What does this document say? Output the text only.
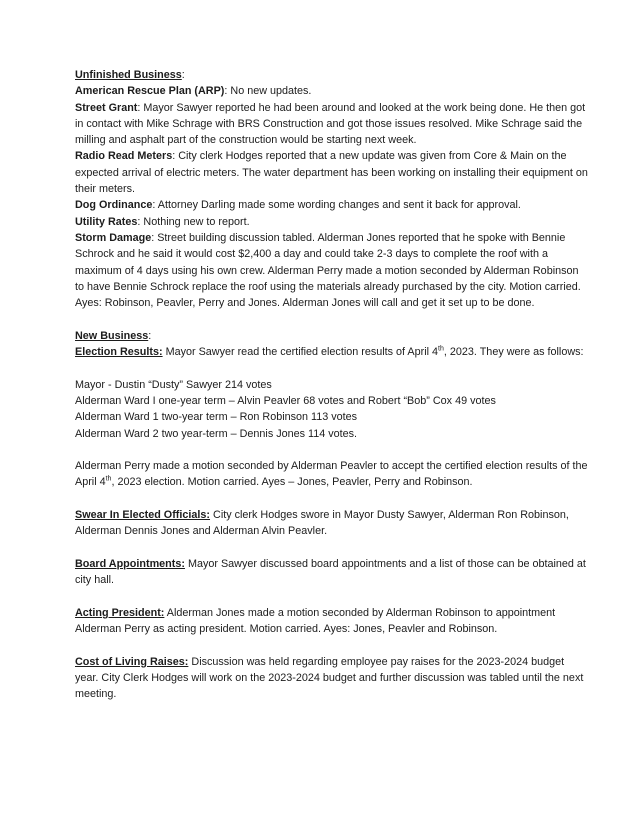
Unfinished Business:

American Rescue Plan (ARP): No new updates.

Street Grant: Mayor Sawyer reported he had been around and looked at the work being done. He then got in contact with Mike Schrage with BRS Construction and got those issues resolved. Mike Schrage said the milling and asphalt part of the construction would be starting next week.

Radio Read Meters: City clerk Hodges reported that a new update was given from Core & Main on the expected arrival of electric meters. The water department has been working on installing their equipment on their meters.

Dog Ordinance: Attorney Darling made some wording changes and sent it back for approval.

Utility Rates: Nothing new to report.

Storm Damage: Street building discussion tabled. Alderman Jones reported that he spoke with Bennie Schrock and he said it would cost $2,400 a day and could take 2-3 days to complete the roof with a maximum of 4 days using his own crew. Alderman Perry made a motion seconded by Alderman Robinson to have Bennie Schrock replace the roof using the materials already purchased by the city. Motion carried. Ayes: Robinson, Peavler, Perry and Jones. Alderman Jones will call and get it set up to be done.

New Business:

Election Results: Mayor Sawyer read the certified election results of April 4th, 2023. They were as follows:

Mayor - Dustin “Dusty” Sawyer 214 votes

Alderman Ward I one-year term – Alvin Peavler 68 votes and Robert “Bob” Cox 49 votes

Alderman Ward 1 two-year term – Ron Robinson 113 votes

Alderman Ward 2 two year-term – Dennis Jones 114 votes.

Alderman Perry made a motion seconded by Alderman Peavler to accept the certified election results of the April 4th, 2023 election. Motion carried. Ayes – Jones, Peavler, Perry and Robinson.

Swear In Elected Officials: City clerk Hodges swore in Mayor Dusty Sawyer, Alderman Ron Robinson, Alderman Dennis Jones and Alderman Alvin Peavler.

Board Appointments: Mayor Sawyer discussed board appointments and a list of those can be obtained at city hall.

Acting President: Alderman Jones made a motion seconded by Alderman Robinson to appointment Alderman Perry as acting president. Motion carried. Ayes: Jones, Peavler and Robinson.

Cost of Living Raises: Discussion was held regarding employee pay raises for the 2023-2024 budget year. City Clerk Hodges will work on the 2023-2024 budget and further discussion was tabled until the next meeting.
